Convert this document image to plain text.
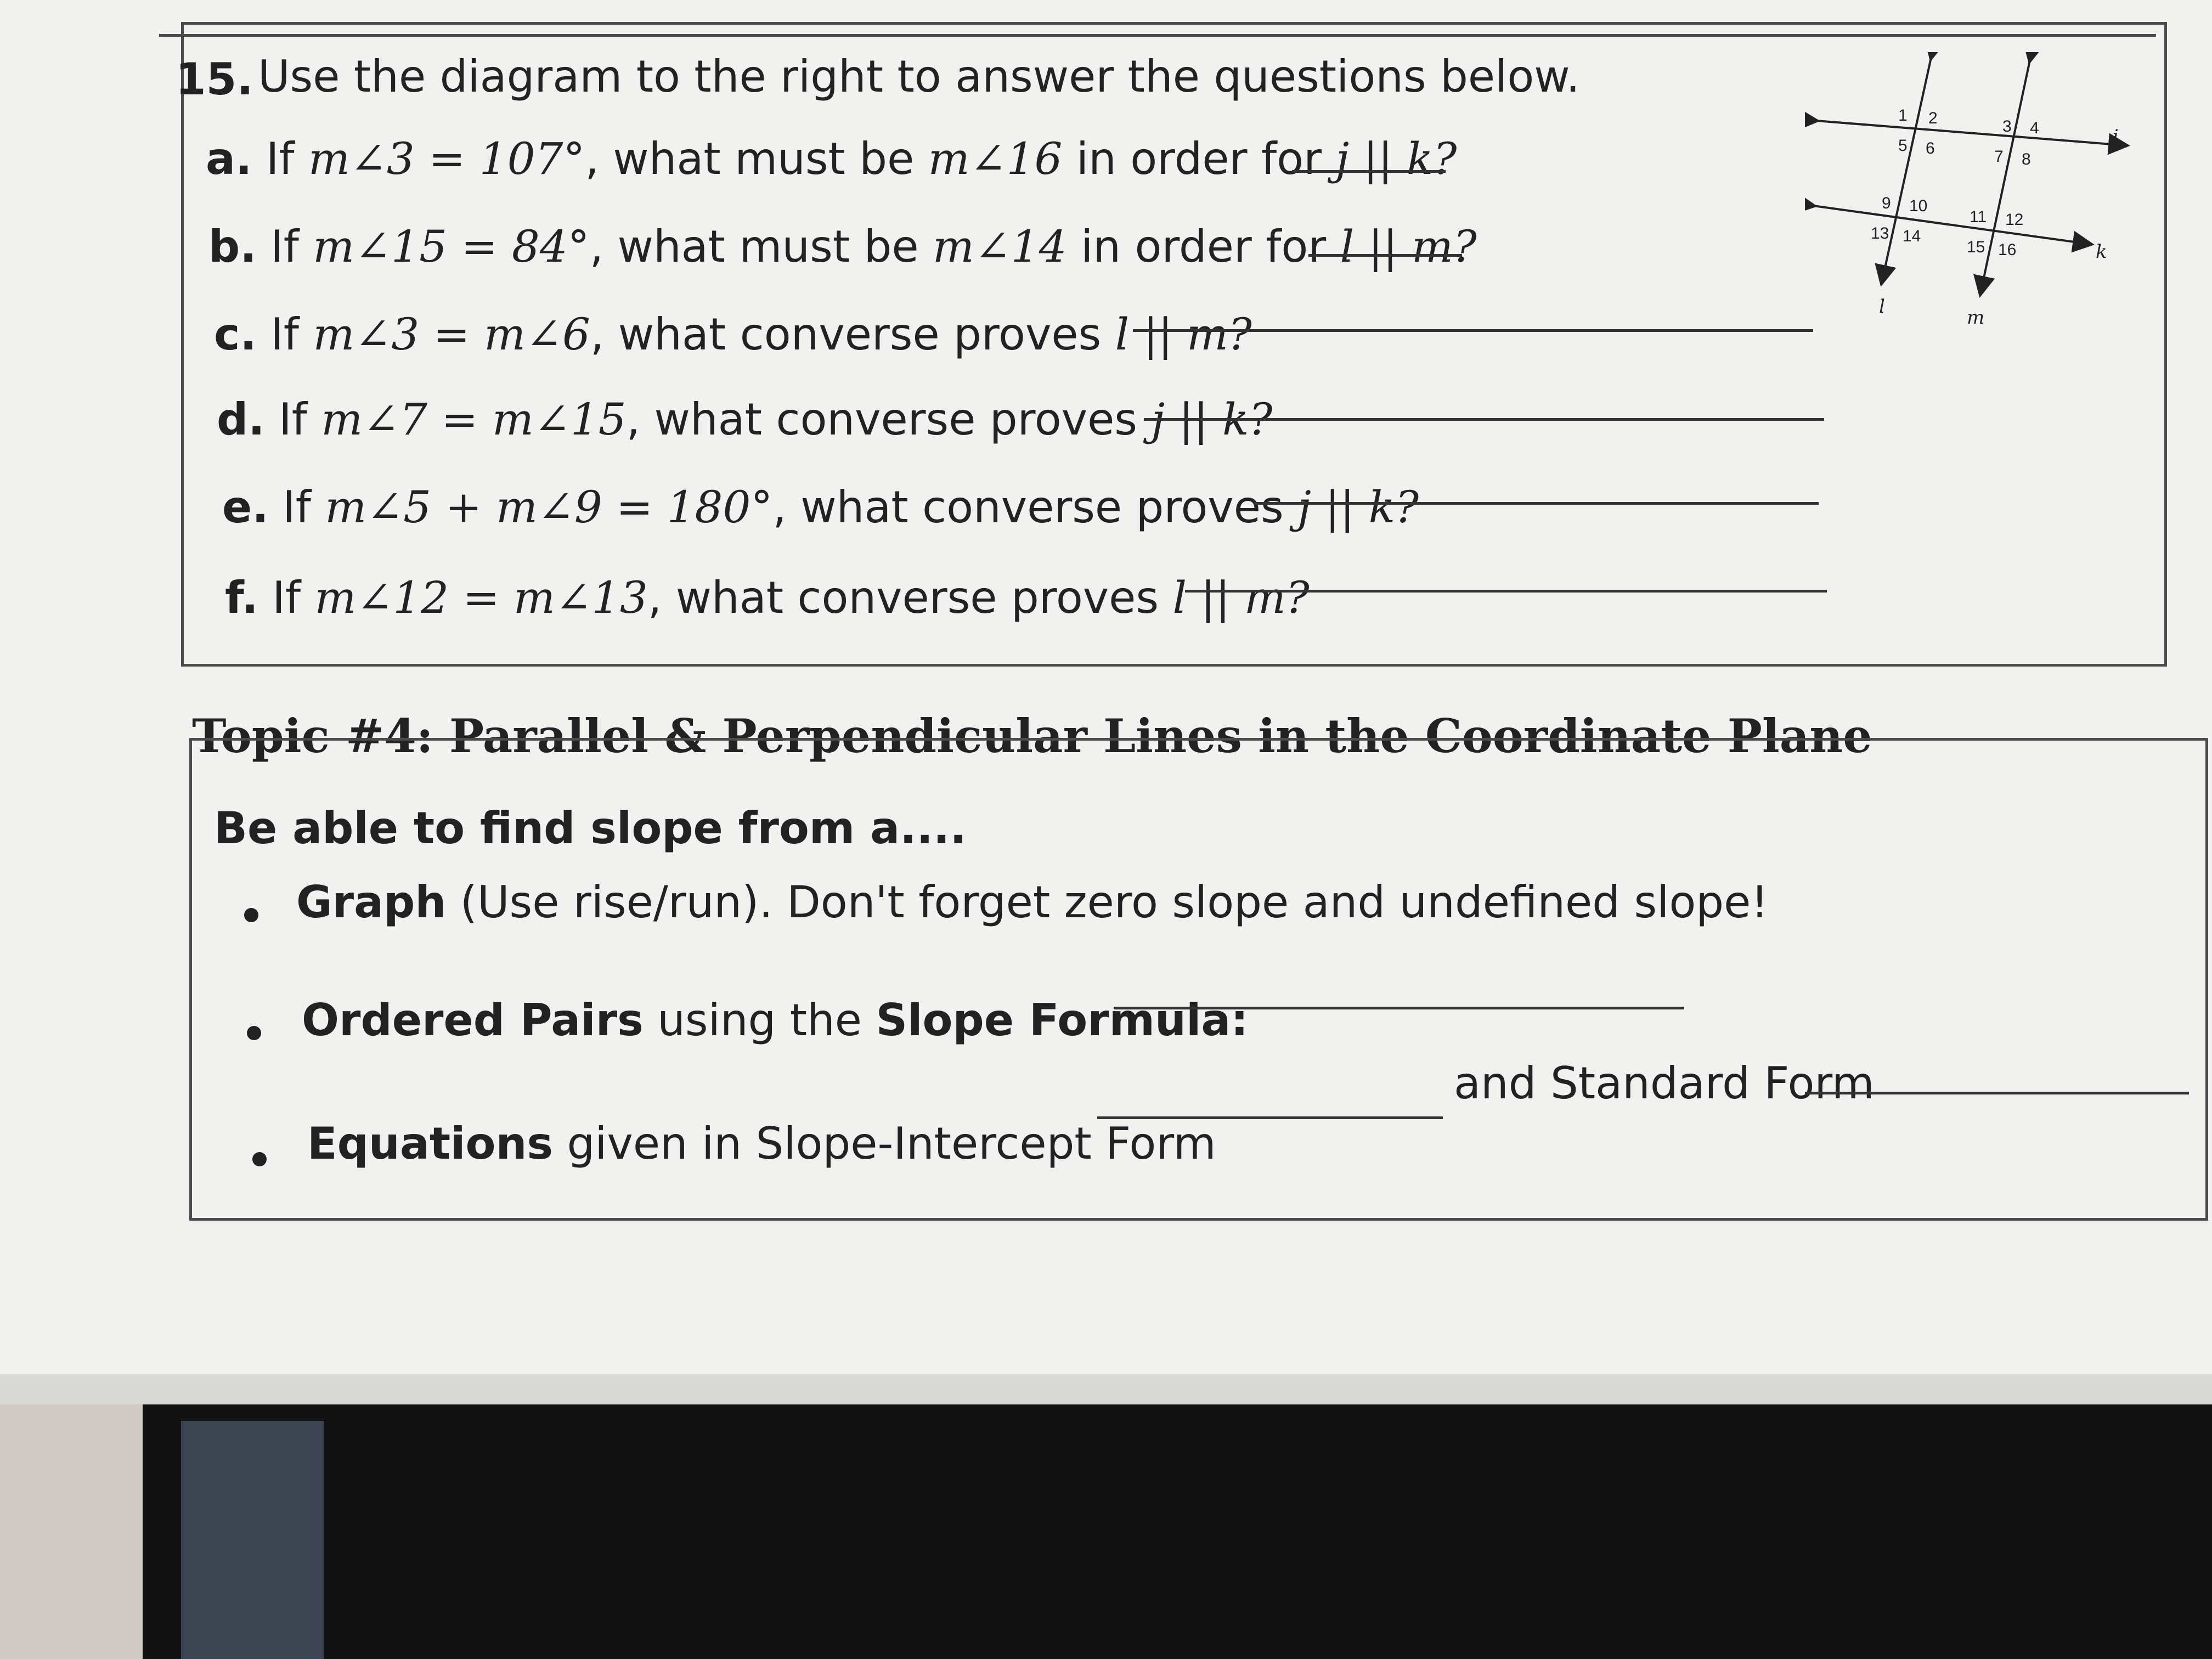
15. Use the diagram to the right to answer the questions below.
a. If m∠3 = 107°, what must be m∠16 in order for j || k?
b. If m∠15 = 84°, what must be m∠14 in order for l || m?
c. If m∠3 = m∠6, what converse proves l || m?
d. If m∠7 = m∠15, what converse proves j || k?
e. If m∠5 + m∠9 = 180°, what converse proves j || k?
f. If m∠12 = m∠13, what converse proves l || m?
1 2
5 6
3 4
7 8
9 10
13 14
11 12
15 16
j
k
l	m
Topic #4: Parallel & Perpendicular Lines in the Coordinate Plane
Be able to find slope from a....
Graph (Use rise/run). Don't forget zero slope and undefined slope!
Ordered Pairs using the Slope Formula:
Equations given in Slope-Intercept Form
and Standard Form
